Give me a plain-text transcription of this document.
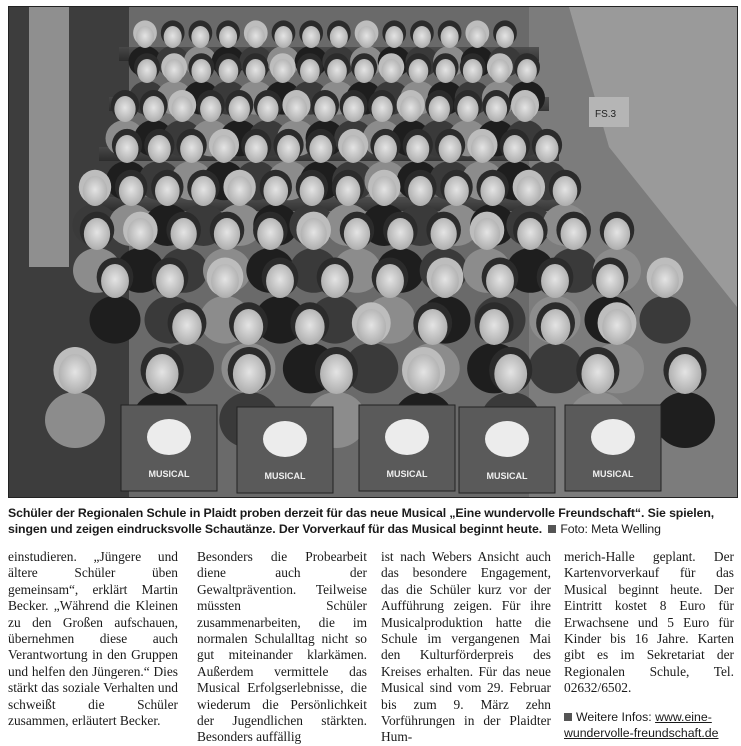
FS.3
MUSICAL	MUSICAL	MUSICAL	MUSICAL	MUSICAL
Schüler der Regionalen Schule in Plaidt proben derzeit für das neue Musical „Eine wundervolle Freundschaft“. Sie spielen, singen und zeigen eindrucksvolle Schautänze. Der Vorverkauf für das Musical beginnt heute. Foto: Meta Welling
einstudieren. „Jüngere und ältere Schüler üben gemeinsam“, erklärt Martin Becker. „Während die Kleinen zu den Großen aufschauen, übernehmen diese auch Verantwortung in den Gruppen und helfen den Jüngeren.“ Dies stärkt das soziale Verhalten und schweißt die Schüler zusammen, erläutert Becker.
Besonders die Probearbeit diene auch der Gewaltprävention. Teilweise müssten Schüler zusammenarbeiten, die im normalen Schulalltag nicht so gut miteinander klarkämen. Außerdem vermittele das Musical Erfolgserlebnisse, die wiederum die Persönlichkeit der Jugendlichen stärkten. Besonders auffällig
ist nach Webers Ansicht auch das besondere Engagement, das die Schüler kurz vor der Aufführung zeigen. Für ihre Musicalproduktion hatte die Schule im vergangenen Mai den Kulturförderpreis des Kreises erhalten. Für das neue Musical sind vom 29. Februar bis zum 9. März zehn Vorführungen in der Plaidter Hum-
merich-Halle geplant. Der Kartenvorverkauf für das Musical beginnt heute. Der Eintritt kostet 8 Euro für Erwachsene und 5 Euro für Kinder bis 16 Jahre. Karten gibt es im Sekretariat der Regionalen Schule, Tel. 02632/6502.
Weitere Infos: www.eine-wundervolle-freundschaft.de
